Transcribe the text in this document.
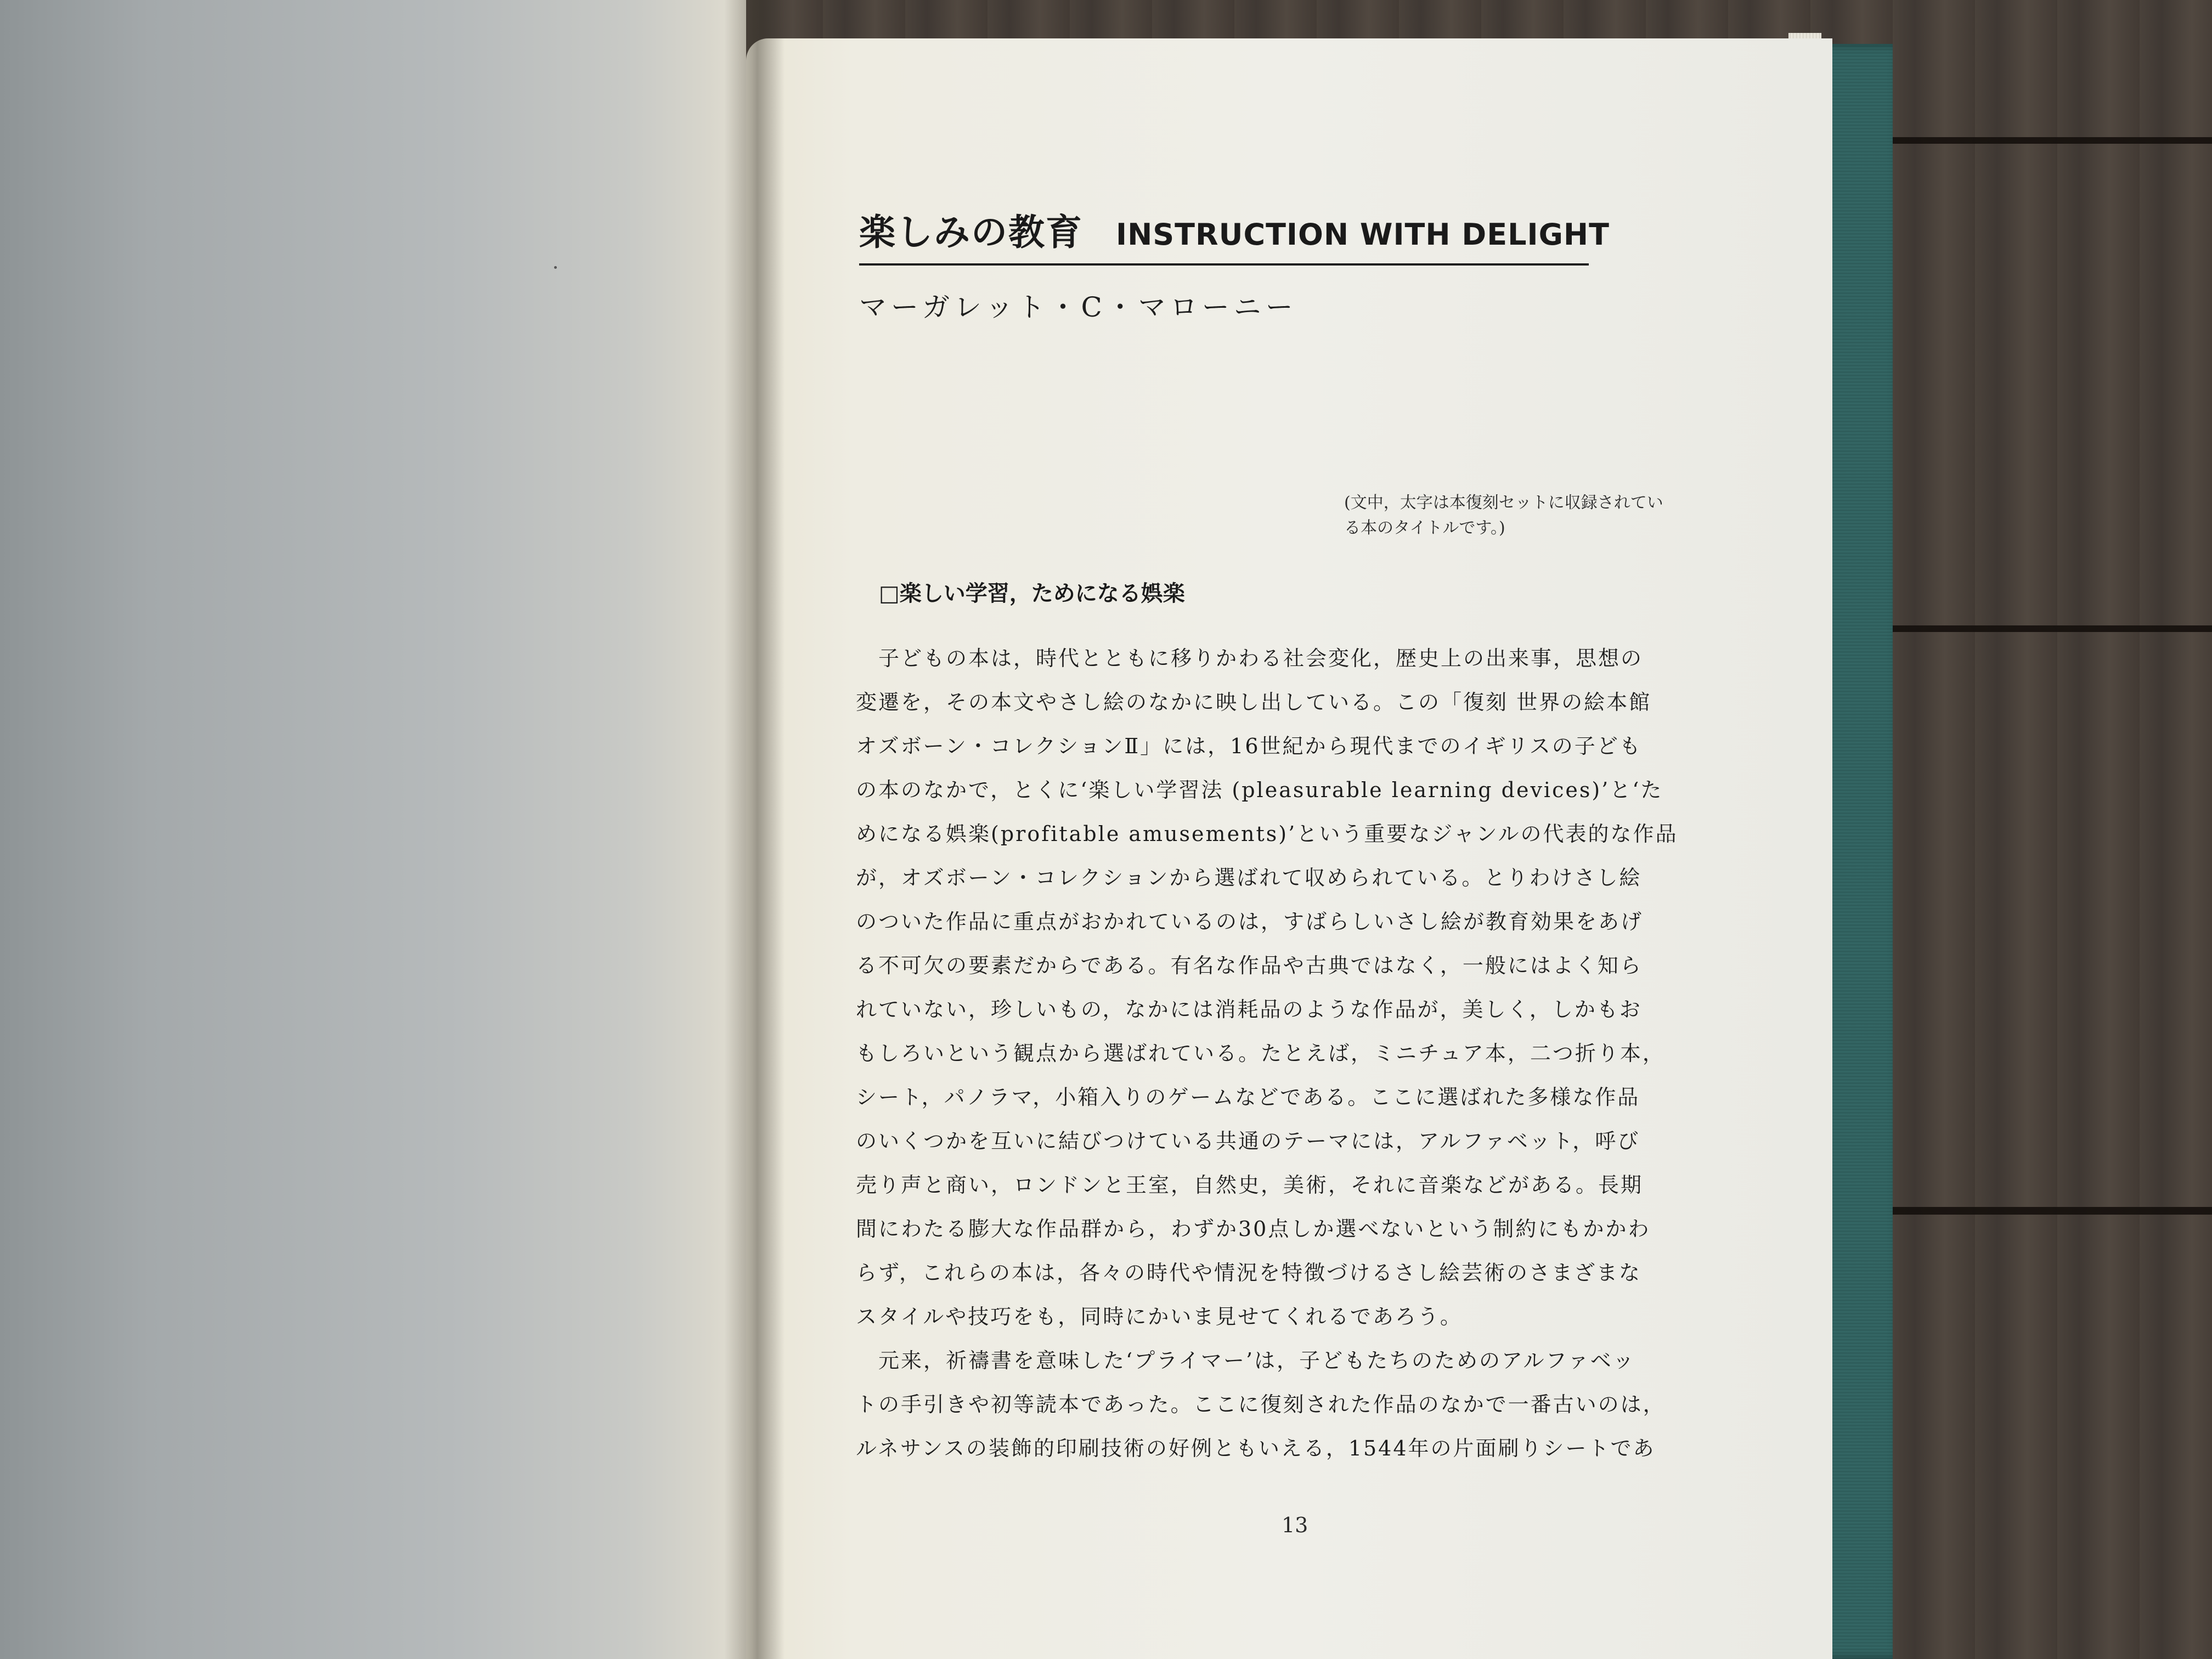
楽しみの教育 INSTRUCTION WITH DELIGHT
マーガレット・C・マローニー
(文中，太字は本復刻セットに収録されてい
る本のタイトルです。)
□楽しい学習，ためになる娯楽
　子どもの本は，時代とともに移りかわる社会変化，歴史上の出来事，思想の
変遷を，その本文やさし絵のなかに映し出している。この「復刻 世界の絵本館
オズボーン・コレクションⅡ」には，16世紀から現代までのイギリスの子ども
の本のなかで，とくに‘楽しい学習法 (pleasurable learning devices)’と‘た
めになる娯楽(profitable amusements)’という重要なジャンルの代表的な作品
が，オズボーン・コレクションから選ばれて収められている。とりわけさし絵
のついた作品に重点がおかれているのは，すばらしいさし絵が教育効果をあげ
る不可欠の要素だからである。有名な作品や古典ではなく，一般にはよく知ら
れていない，珍しいもの，なかには消耗品のような作品が，美しく，しかもお
もしろいという観点から選ばれている。たとえば，ミニチュア本，二つ折り本，
シート，パノラマ，小箱入りのゲームなどである。ここに選ばれた多様な作品
のいくつかを互いに結びつけている共通のテーマには，アルファベット，呼び
売り声と商い，ロンドンと王室，自然史，美術，それに音楽などがある。長期
間にわたる膨大な作品群から，わずか30点しか選べないという制約にもかかわ
らず，これらの本は，各々の時代や情況を特徴づけるさし絵芸術のさまざまな
スタイルや技巧をも，同時にかいま見せてくれるであろう。
　元来，祈禱書を意味した‘プライマー’は，子どもたちのためのアルファベッ
トの手引きや初等読本であった。ここに復刻された作品のなかで一番古いのは，
ルネサンスの装飾的印刷技術の好例ともいえる，1544年の片面刷りシートであ
13
